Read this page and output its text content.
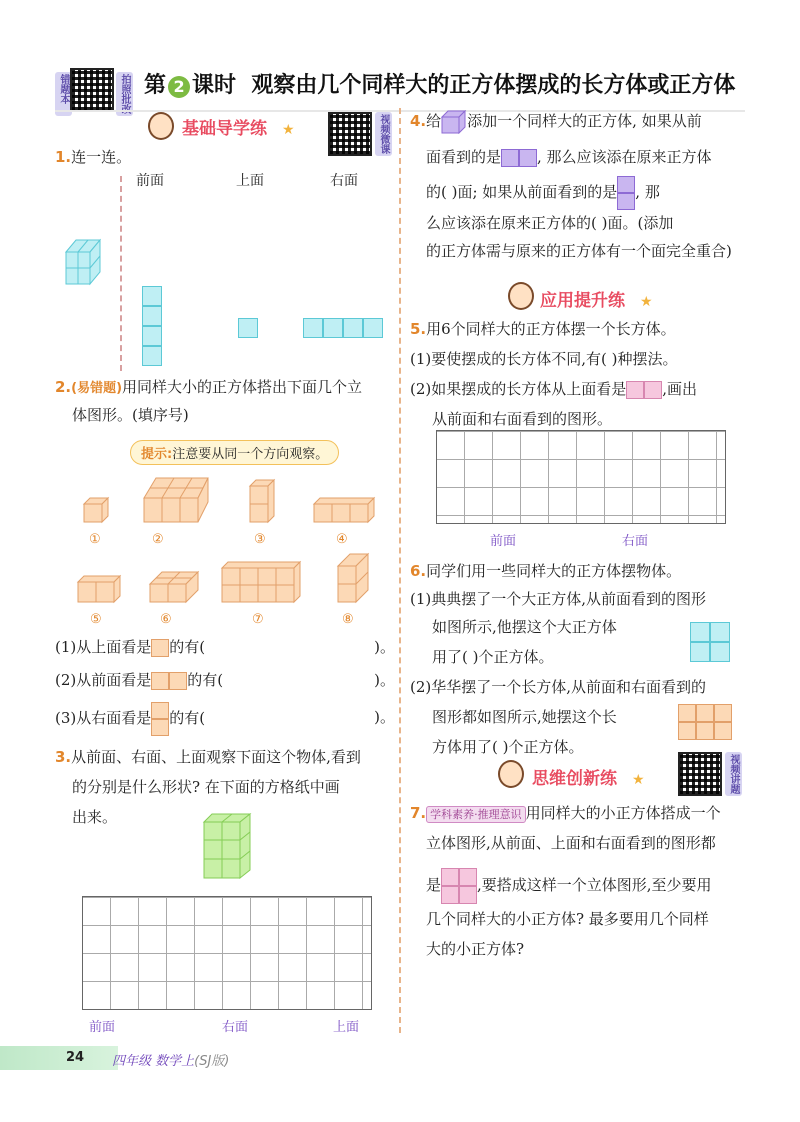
错题本	拍照批改 第 2 课时 观察由几个同样大的正方体摆成的长方体或正方体
基础导学练 ★	视频微课
1.连一连。
前面	上面	右面
2.(易错题)用同样大小的正方体搭出下面几个立
体图形。(填序号)
提示:注意要从同一个方向观察。
①	②	③	④
⑤	⑥	⑦	⑧
(1)从上面看是 的有(	)。
(2)从前面看是 的有(	)。
(3)从右面看是 的有(	)。
3.从前面、右面、上面观察下面这个物体,看到
的分别是什么形状? 在下面的方格纸中画
出来。
前面	右面	上面
4.给 添加一个同样大的正方体, 如果从前
面看到的是 , 那么应该添在原来正方体
的( )面; 如果从前面看到的是 , 那
么应该添在原来正方体的( )面。(添加
的正方体需与原来的正方体有一个面完全重合)
应用提升练 ★
5.用6个同样大的正方体摆一个长方体。
(1)要使摆成的长方体不同,有( )种摆法。
(2)如果摆成的长方体从上面看是 ,画出
从前面和右面看到的图形。
前面	右面
6.同学们用一些同样大的正方体摆物体。
(1)典典摆了一个大正方体,从前面看到的图形
如图所示,他摆这个大正方体
用了( )个正方体。
(2)华华摆了一个长方体,从前面和右面看到的
图形都如图所示,她摆这个长
方体用了( )个正方体。
思维创新练 ★	视频讲题
7. 学科素养·推理意识 用同样大的小正方体搭成一个
立体图形,从前面、上面和右面看到的图形都
是 ,要搭成这样一个立体图形,至少要用
几个同样大的小正方体? 最多要用几个同样
大的小正方体?
24 四年级 数学上(SJ版)
